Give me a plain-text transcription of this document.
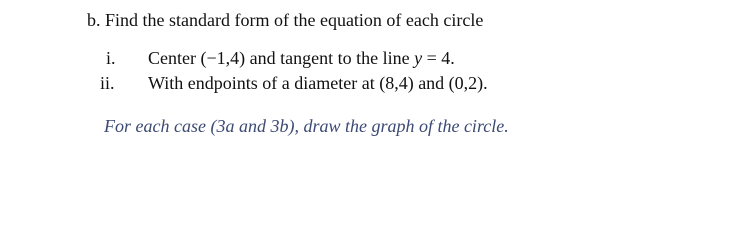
b. Find the standard form of the equation of each circle
i. Center (−1,4) and tangent to the line y = 4.
ii. With endpoints of a diameter at (8,4) and (0,2).
For each case (3a and 3b), draw the graph of the circle.
